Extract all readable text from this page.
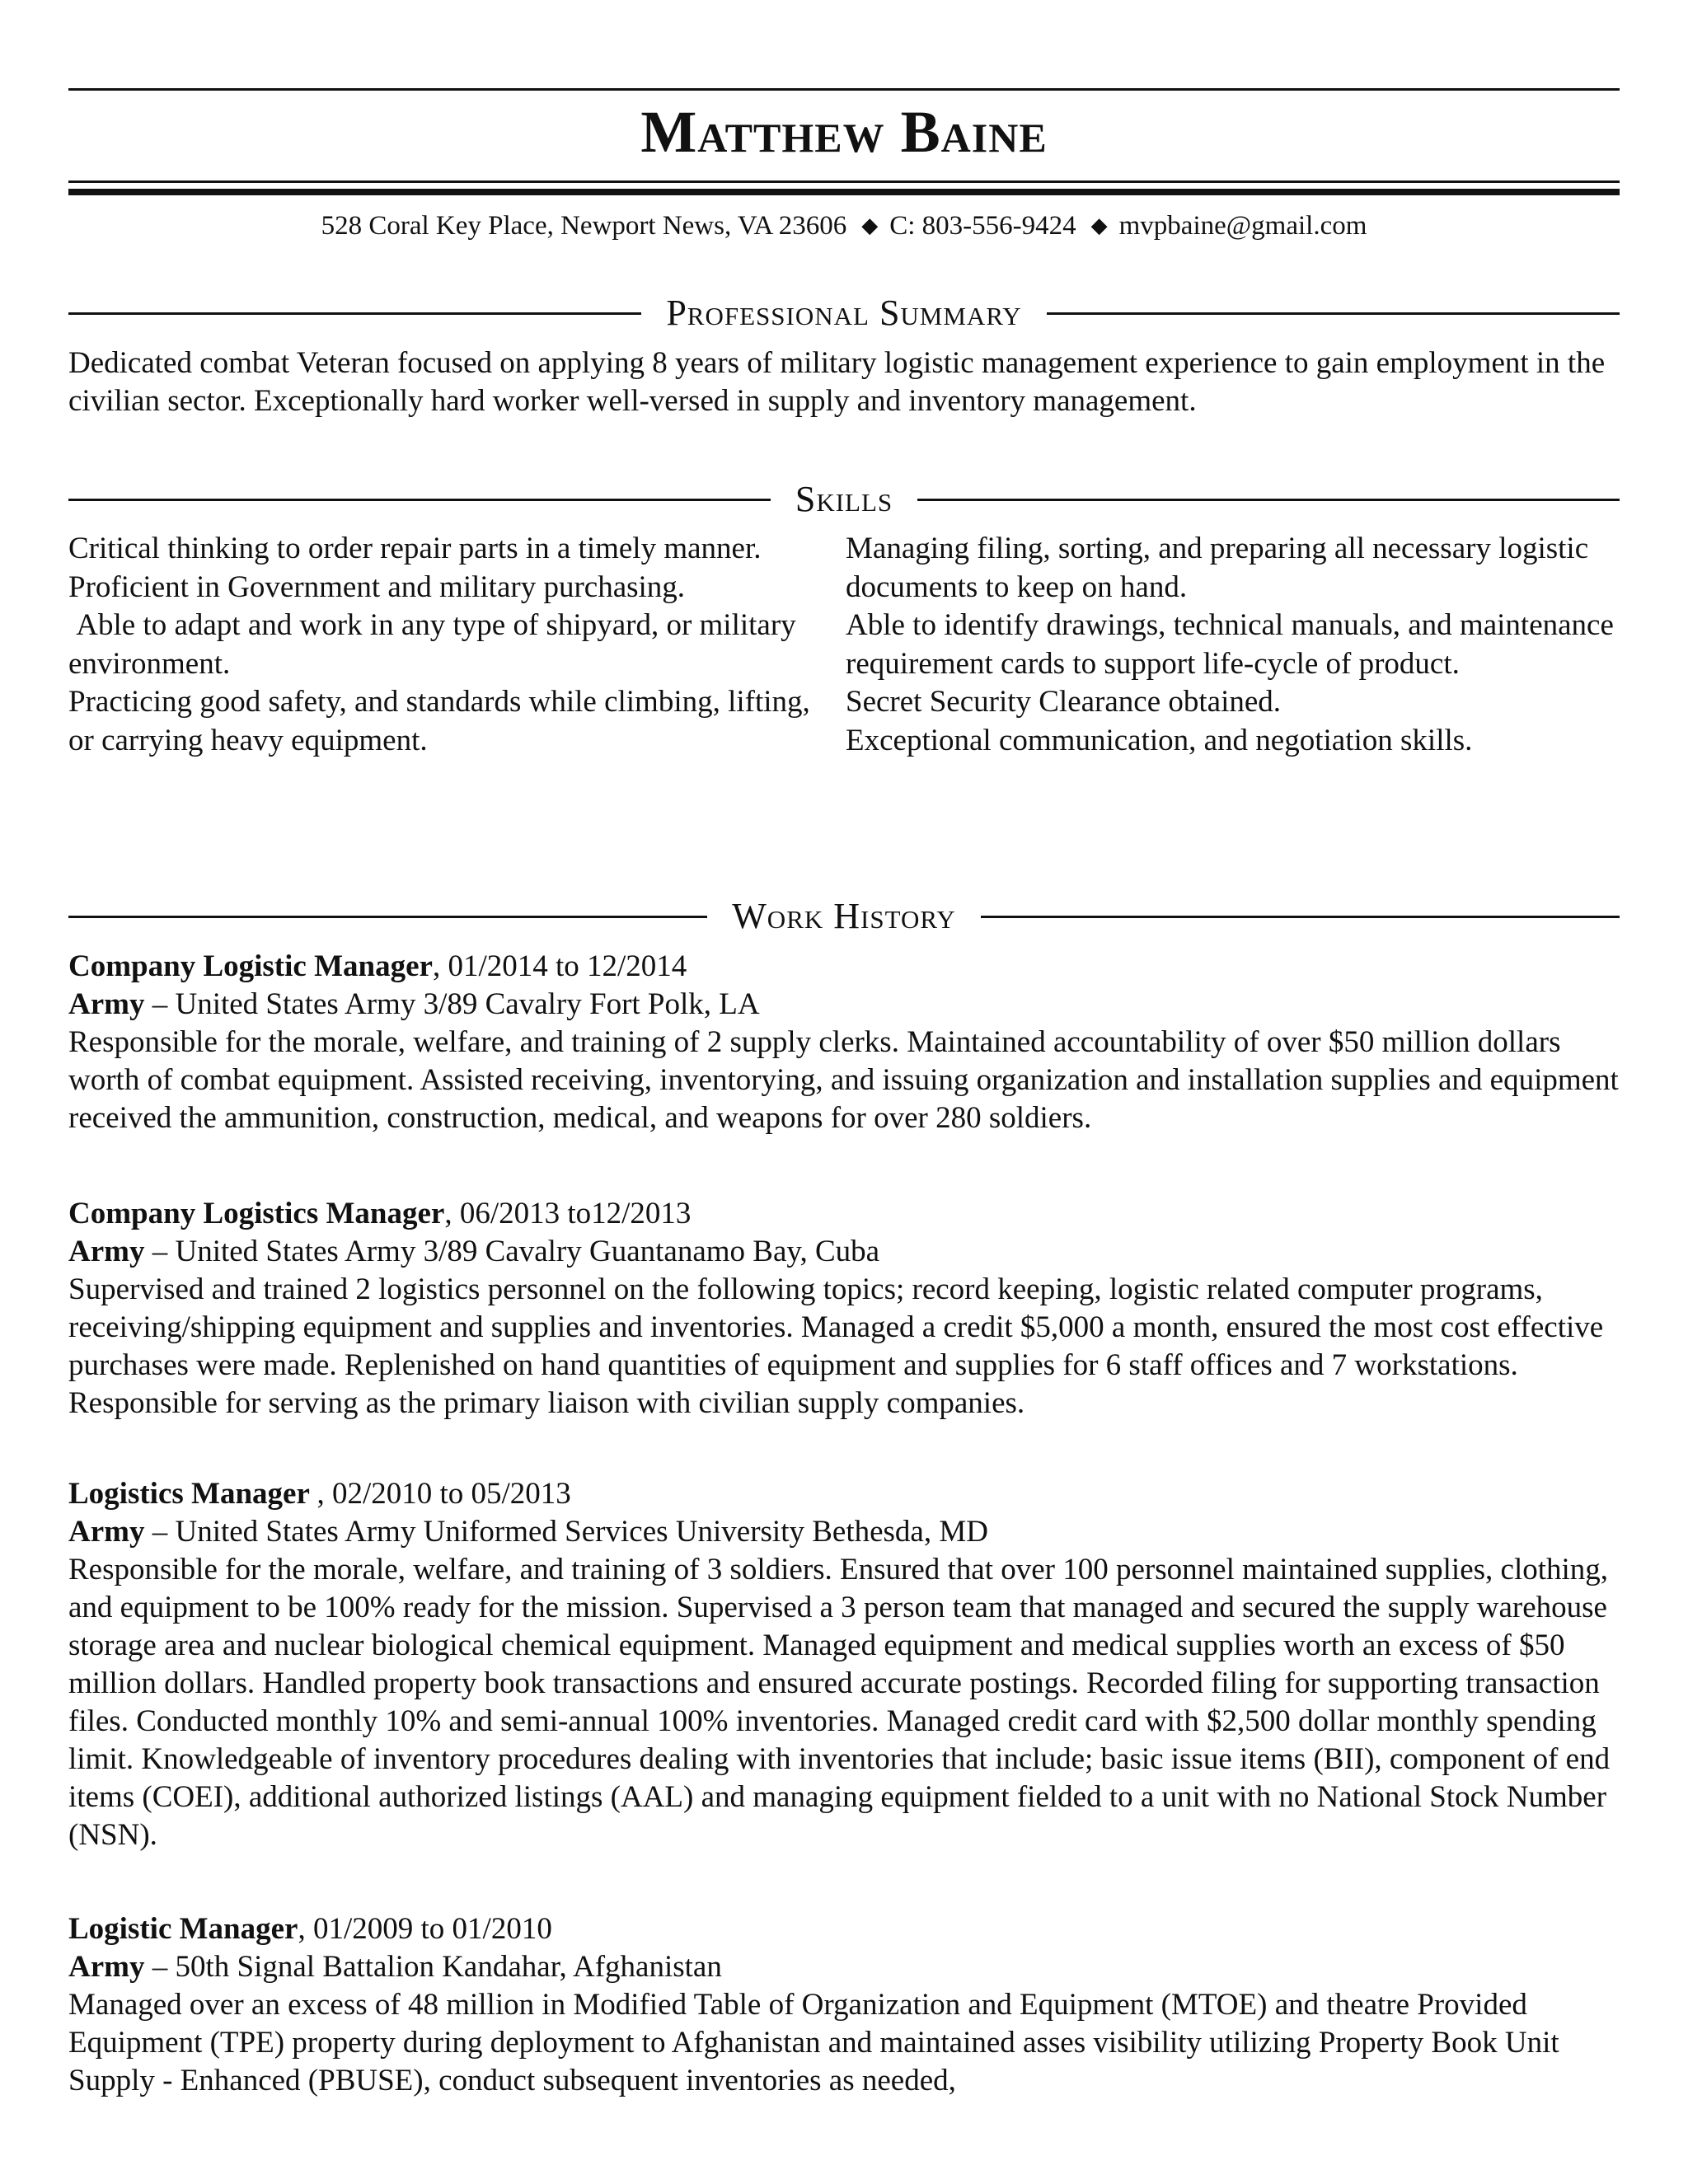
Matthew Baine
528 Coral Key Place, Newport News, VA 23606 ◆ C: 803-556-9424 ◆ mvpbaine@gmail.com
Professional Summary
Dedicated combat Veteran focused on applying 8 years of military logistic management experience to gain employment in the civilian sector. Exceptionally hard worker well-versed in supply and inventory management.
Skills

Critical thinking to order repair parts in a timely manner.

Proficient in Government and military purchasing.

Able to adapt and work in any type of shipyard, or military environment.

Practicing good safety, and standards while climbing, lifting, or carrying heavy equipment.

Managing filing, sorting, and preparing all necessary logistic documents to keep on hand.

Able to identify drawings, technical manuals, and maintenance requirement cards to support life-cycle of product.

Secret Security Clearance obtained.

Exceptional communication, and negotiation skills.

Work History

Company Logistic Manager, 01/2014 to 12/2014

Army – United States Army 3/89 Cavalry Fort Polk, LA

Responsible for the morale, welfare, and training of 2 supply clerks. Maintained accountability of over $50 million dollars worth of combat equipment. Assisted receiving, inventorying, and issuing organization and installation supplies and equipment received the ammunition, construction, medical, and weapons for over 280 soldiers.

Company Logistics Manager, 06/2013 to12/2013

Army – United States Army 3/89 Cavalry Guantanamo Bay, Cuba

Supervised and trained 2 logistics personnel on the following topics; record keeping, logistic related computer programs, receiving/shipping equipment and supplies and inventories. Managed a credit $5,000 a month, ensured the most cost effective purchases were made. Replenished on hand quantities of equipment and supplies for 6 staff offices and 7 workstations. Responsible for serving as the primary liaison with civilian supply companies.

Logistics Manager , 02/2010 to 05/2013

Army – United States Army Uniformed Services University Bethesda, MD

Responsible for the morale, welfare, and training of 3 soldiers. Ensured that over 100 personnel maintained supplies, clothing, and equipment to be 100% ready for the mission. Supervised a 3 person team that managed and secured the supply warehouse storage area and nuclear biological chemical equipment. Managed equipment and medical supplies worth an excess of $50 million dollars. Handled property book transactions and ensured accurate postings. Recorded filing for supporting transaction files. Conducted monthly 10% and semi-annual 100% inventories. Managed credit card with $2,500 dollar monthly spending limit. Knowledgeable of inventory procedures dealing with inventories that include; basic issue items (BII), component of end items (COEI), additional authorized listings (AAL) and managing equipment fielded to a unit with no National Stock Number (NSN).

Logistic Manager, 01/2009 to 01/2010

Army – 50th Signal Battalion Kandahar, Afghanistan

Managed over an excess of 48 million in Modified Table of Organization and Equipment (MTOE) and theatre Provided Equipment (TPE) property during deployment to Afghanistan and maintained asses visibility utilizing Property Book Unit Supply - Enhanced (PBUSE), conduct subsequent inventories as needed,
